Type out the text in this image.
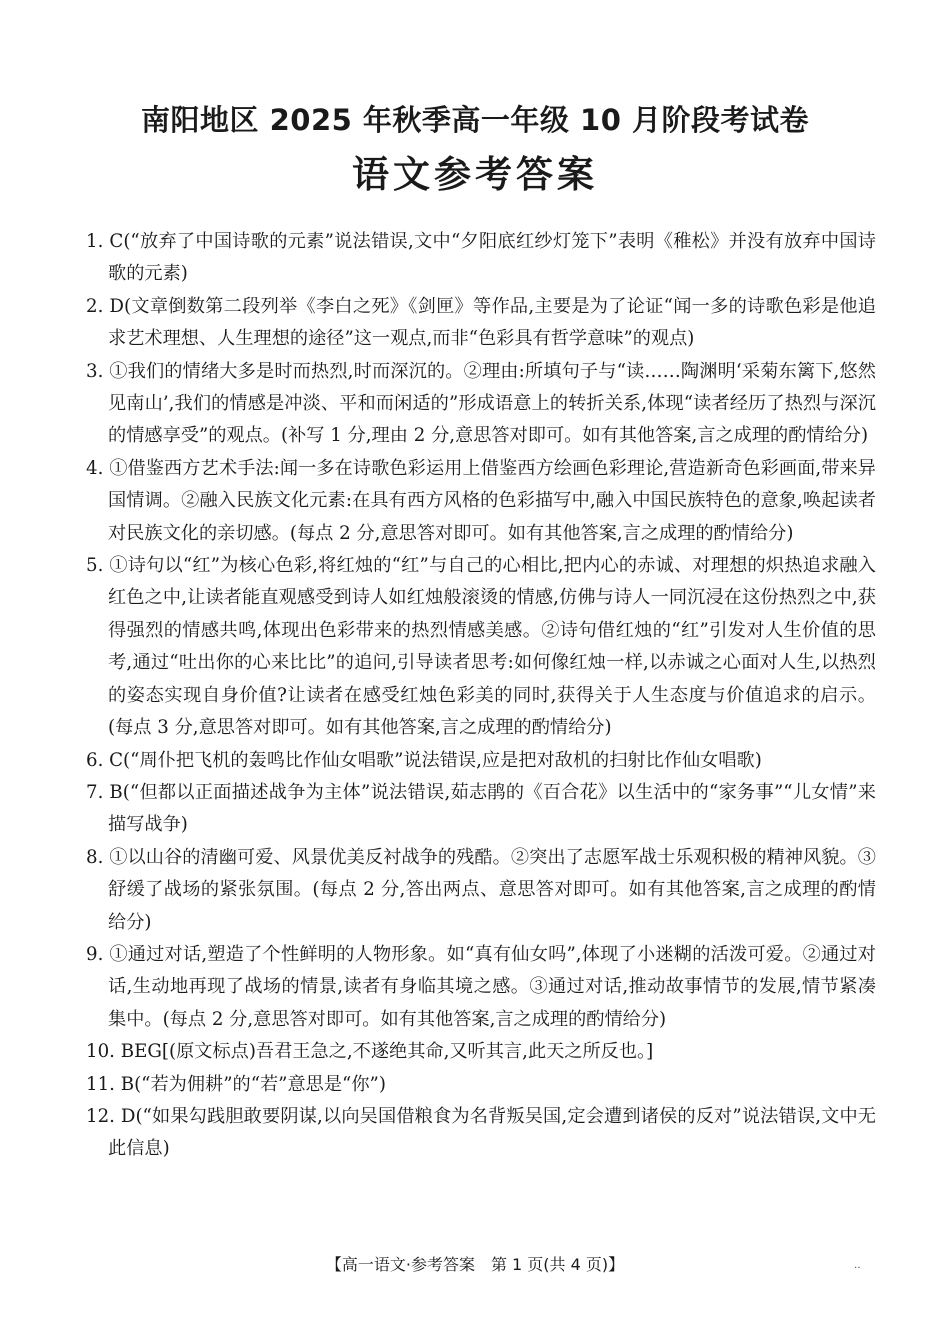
南阳地区 2025 年秋季高一年级 10 月阶段考试卷
语文参考答案
1. C(“放弃了中国诗歌的元素”说法错误,文中“夕阳底红纱灯笼下”表明《稚松》并没有放弃中国诗歌的元素)
2. D(文章倒数第二段列举《李白之死》《剑匣》等作品,主要是为了论证“闻一多的诗歌色彩是他追求艺术理想、人生理想的途径”这一观点,而非“色彩具有哲学意味”的观点)
3. ①我们的情绪大多是时而热烈,时而深沉的。②理由:所填句子与“读……陶渊明‘采菊东篱下,悠然见南山’,我们的情感是冲淡、平和而闲适的”形成语意上的转折关系,体现“读者经历了热烈与深沉的情感享受”的观点。(补写 1 分,理由 2 分,意思答对即可。如有其他答案,言之成理的酌情给分)
4. ①借鉴西方艺术手法:闻一多在诗歌色彩运用上借鉴西方绘画色彩理论,营造新奇色彩画面,带来异国情调。②融入民族文化元素:在具有西方风格的色彩描写中,融入中国民族特色的意象,唤起读者对民族文化的亲切感。(每点 2 分,意思答对即可。如有其他答案,言之成理的酌情给分)
5. ①诗句以“红”为核心色彩,将红烛的“红”与自己的心相比,把内心的赤诚、对理想的炽热追求融入红色之中,让读者能直观感受到诗人如红烛般滚烫的情感,仿佛与诗人一同沉浸在这份热烈之中,获得强烈的情感共鸣,体现出色彩带来的热烈情感美感。②诗句借红烛的“红”引发对人生价值的思考,通过“吐出你的心来比比”的追问,引导读者思考:如何像红烛一样,以赤诚之心面对人生,以热烈的姿态实现自身价值?让读者在感受红烛色彩美的同时,获得关于人生态度与价值追求的启示。(每点 3 分,意思答对即可。如有其他答案,言之成理的酌情给分)
6. C(“周仆把飞机的轰鸣比作仙女唱歌”说法错误,应是把对敌机的扫射比作仙女唱歌)
7. B(“但都以正面描述战争为主体”说法错误,茹志鹃的《百合花》以生活中的“家务事”“儿女情”来描写战争)
8. ①以山谷的清幽可爱、风景优美反衬战争的残酷。②突出了志愿军战士乐观积极的精神风貌。③舒缓了战场的紧张氛围。(每点 2 分,答出两点、意思答对即可。如有其他答案,言之成理的酌情给分)
9. ①通过对话,塑造了个性鲜明的人物形象。如“真有仙女吗”,体现了小迷糊的活泼可爱。②通过对话,生动地再现了战场的情景,读者有身临其境之感。③通过对话,推动故事情节的发展,情节紧凑集中。(每点 2 分,意思答对即可。如有其他答案,言之成理的酌情给分)
10. BEG[(原文标点)吾君王急之,不遂绝其命,又听其言,此天之所反也。]
11. B(“若为佣耕”的“若”意思是“你”)
12. D(“如果勾践胆敢要阴谋,以向吴国借粮食为名背叛吴国,定会遭到诸侯的反对”说法错误,文中无此信息)
【高一语文·参考答案　第 1 页(共 4 页)】	‥
